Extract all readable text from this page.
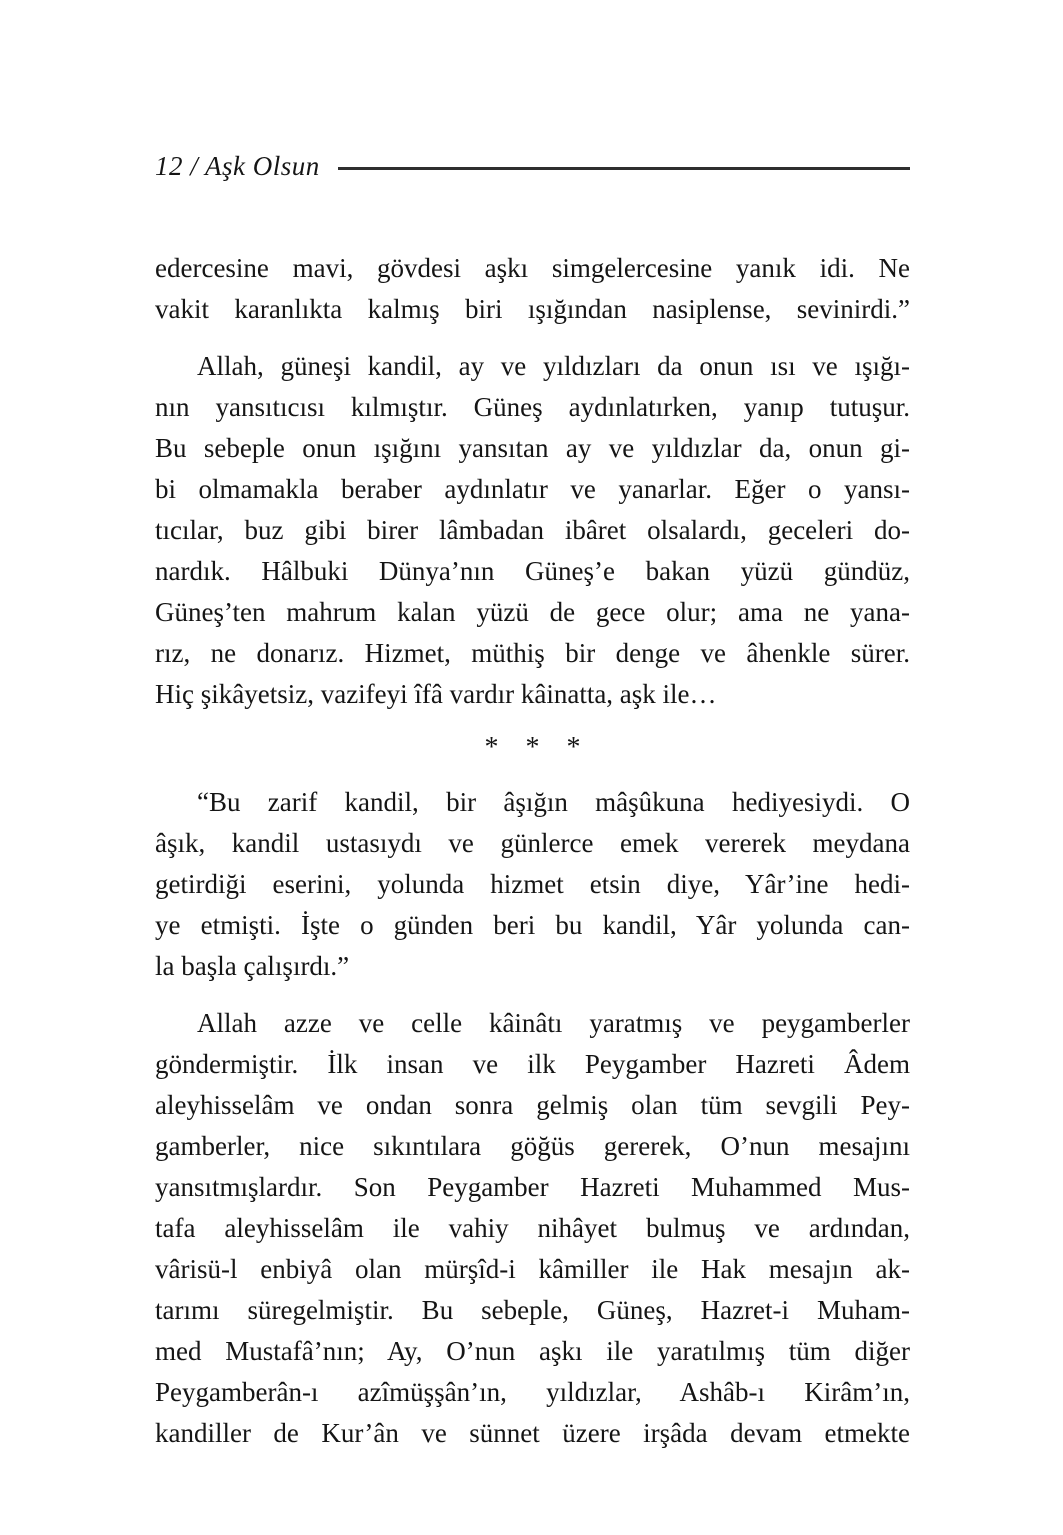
12 / Aşk Olsun
edercesine mavi, gövdesi aşkı simgelercesine yanık idi. Ne
vakit karanlıkta kalmış biri ışığından nasiplense, sevinirdi.”
Allah, güneşi kandil, ay ve yıldızları da onun ısı ve ışığı-
nın yansıtıcısı kılmıştır. Güneş aydınlatırken, yanıp tutuşur.
Bu sebeple onun ışığını yansıtan ay ve yıldızlar da, onun gi-
bi olmamakla beraber aydınlatır ve yanarlar. Eğer o yansı-
tıcılar, buz gibi birer lâmbadan ibâret olsalardı, geceleri do-
nardık. Hâlbuki Dünya’nın Güneş’e bakan yüzü gündüz,
Güneş’ten mahrum kalan yüzü de gece olur; ama ne yana-
rız, ne donarız. Hizmet, müthiş bir denge ve âhenkle sürer.
Hiç şikâyetsiz, vazifeyi îfâ vardır kâinatta, aşk ile…
* * *
“Bu zarif kandil, bir âşığın mâşûkuna hediyesiydi. O
âşık, kandil ustasıydı ve günlerce emek vererek meydana
getirdiği eserini, yolunda hizmet etsin diye, Yâr’ine hedi-
ye etmişti. İşte o günden beri bu kandil, Yâr yolunda can-
la başla çalışırdı.”
Allah azze ve celle kâinâtı yaratmış ve peygamberler
göndermiştir. İlk insan ve ilk Peygamber Hazreti Âdem
aleyhisselâm ve ondan sonra gelmiş olan tüm sevgili Pey-
gamberler, nice sıkıntılara göğüs gererek, O’nun mesajını
yansıtmışlardır. Son Peygamber Hazreti Muhammed Mus-
tafa aleyhisselâm ile vahiy nihâyet bulmuş ve ardından,
vârisü-l enbiyâ olan mürşîd-i kâmiller ile Hak mesajın ak-
tarımı süregelmiştir. Bu sebeple, Güneş, Hazret-i Muham-
med Mustafâ’nın; Ay, O’nun aşkı ile yaratılmış tüm diğer
Peygamberân-ı azîmüşşân’ın, yıldızlar, Ashâb-ı Kirâm’ın,
kandiller de Kur’ân ve sünnet üzere irşâda devam etmekte
